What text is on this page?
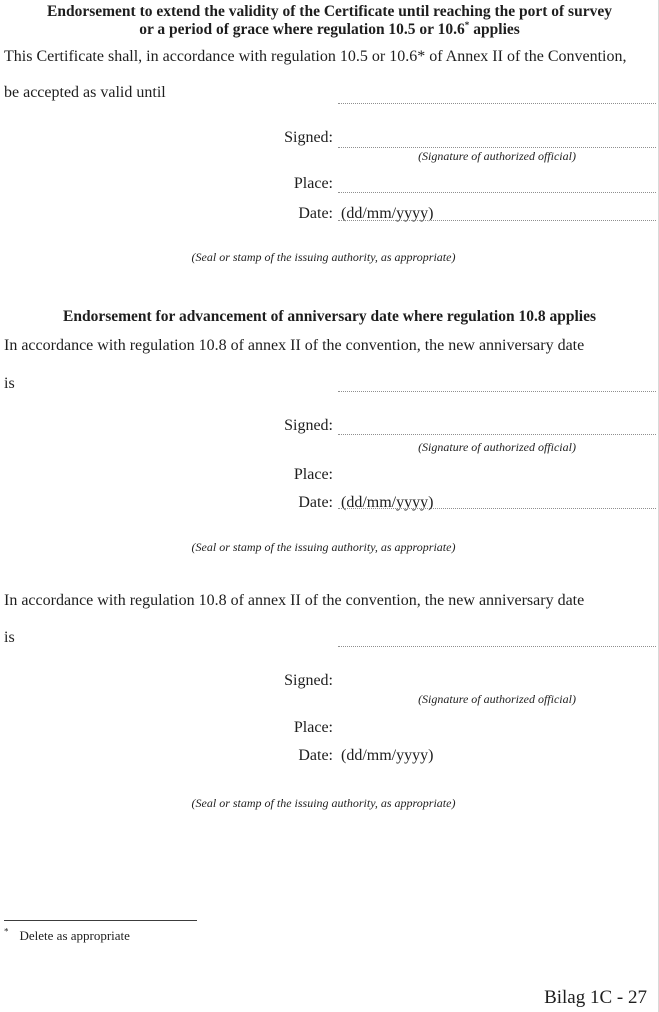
Endorsement to extend the validity of the Certificate until reaching the port of survey
or a period of grace where regulation 10.5 or 10.6* applies
This Certificate shall, in accordance with regulation 10.5 or 10.6* of Annex II of the Convention,
be accepted as valid until
Signed:
(Signature of authorized official)
Place:
Date: (dd/mm/yyyy)
(Seal or stamp of the issuing authority, as appropriate)
Endorsement for advancement of anniversary date where regulation 10.8 applies
In accordance with regulation 10.8 of annex II of the convention, the new anniversary date
is
Signed:
(Signature of authorized official)
Place:
Date: (dd/mm/yyyy)
(Seal or stamp of the issuing authority, as appropriate)
In accordance with regulation 10.8 of annex II of the convention, the new anniversary date
is
Signed:
(Signature of authorized official)
Place:
Date: (dd/mm/yyyy)
(Seal or stamp of the issuing authority, as appropriate)
* Delete as appropriate
Bilag 1C - 27
